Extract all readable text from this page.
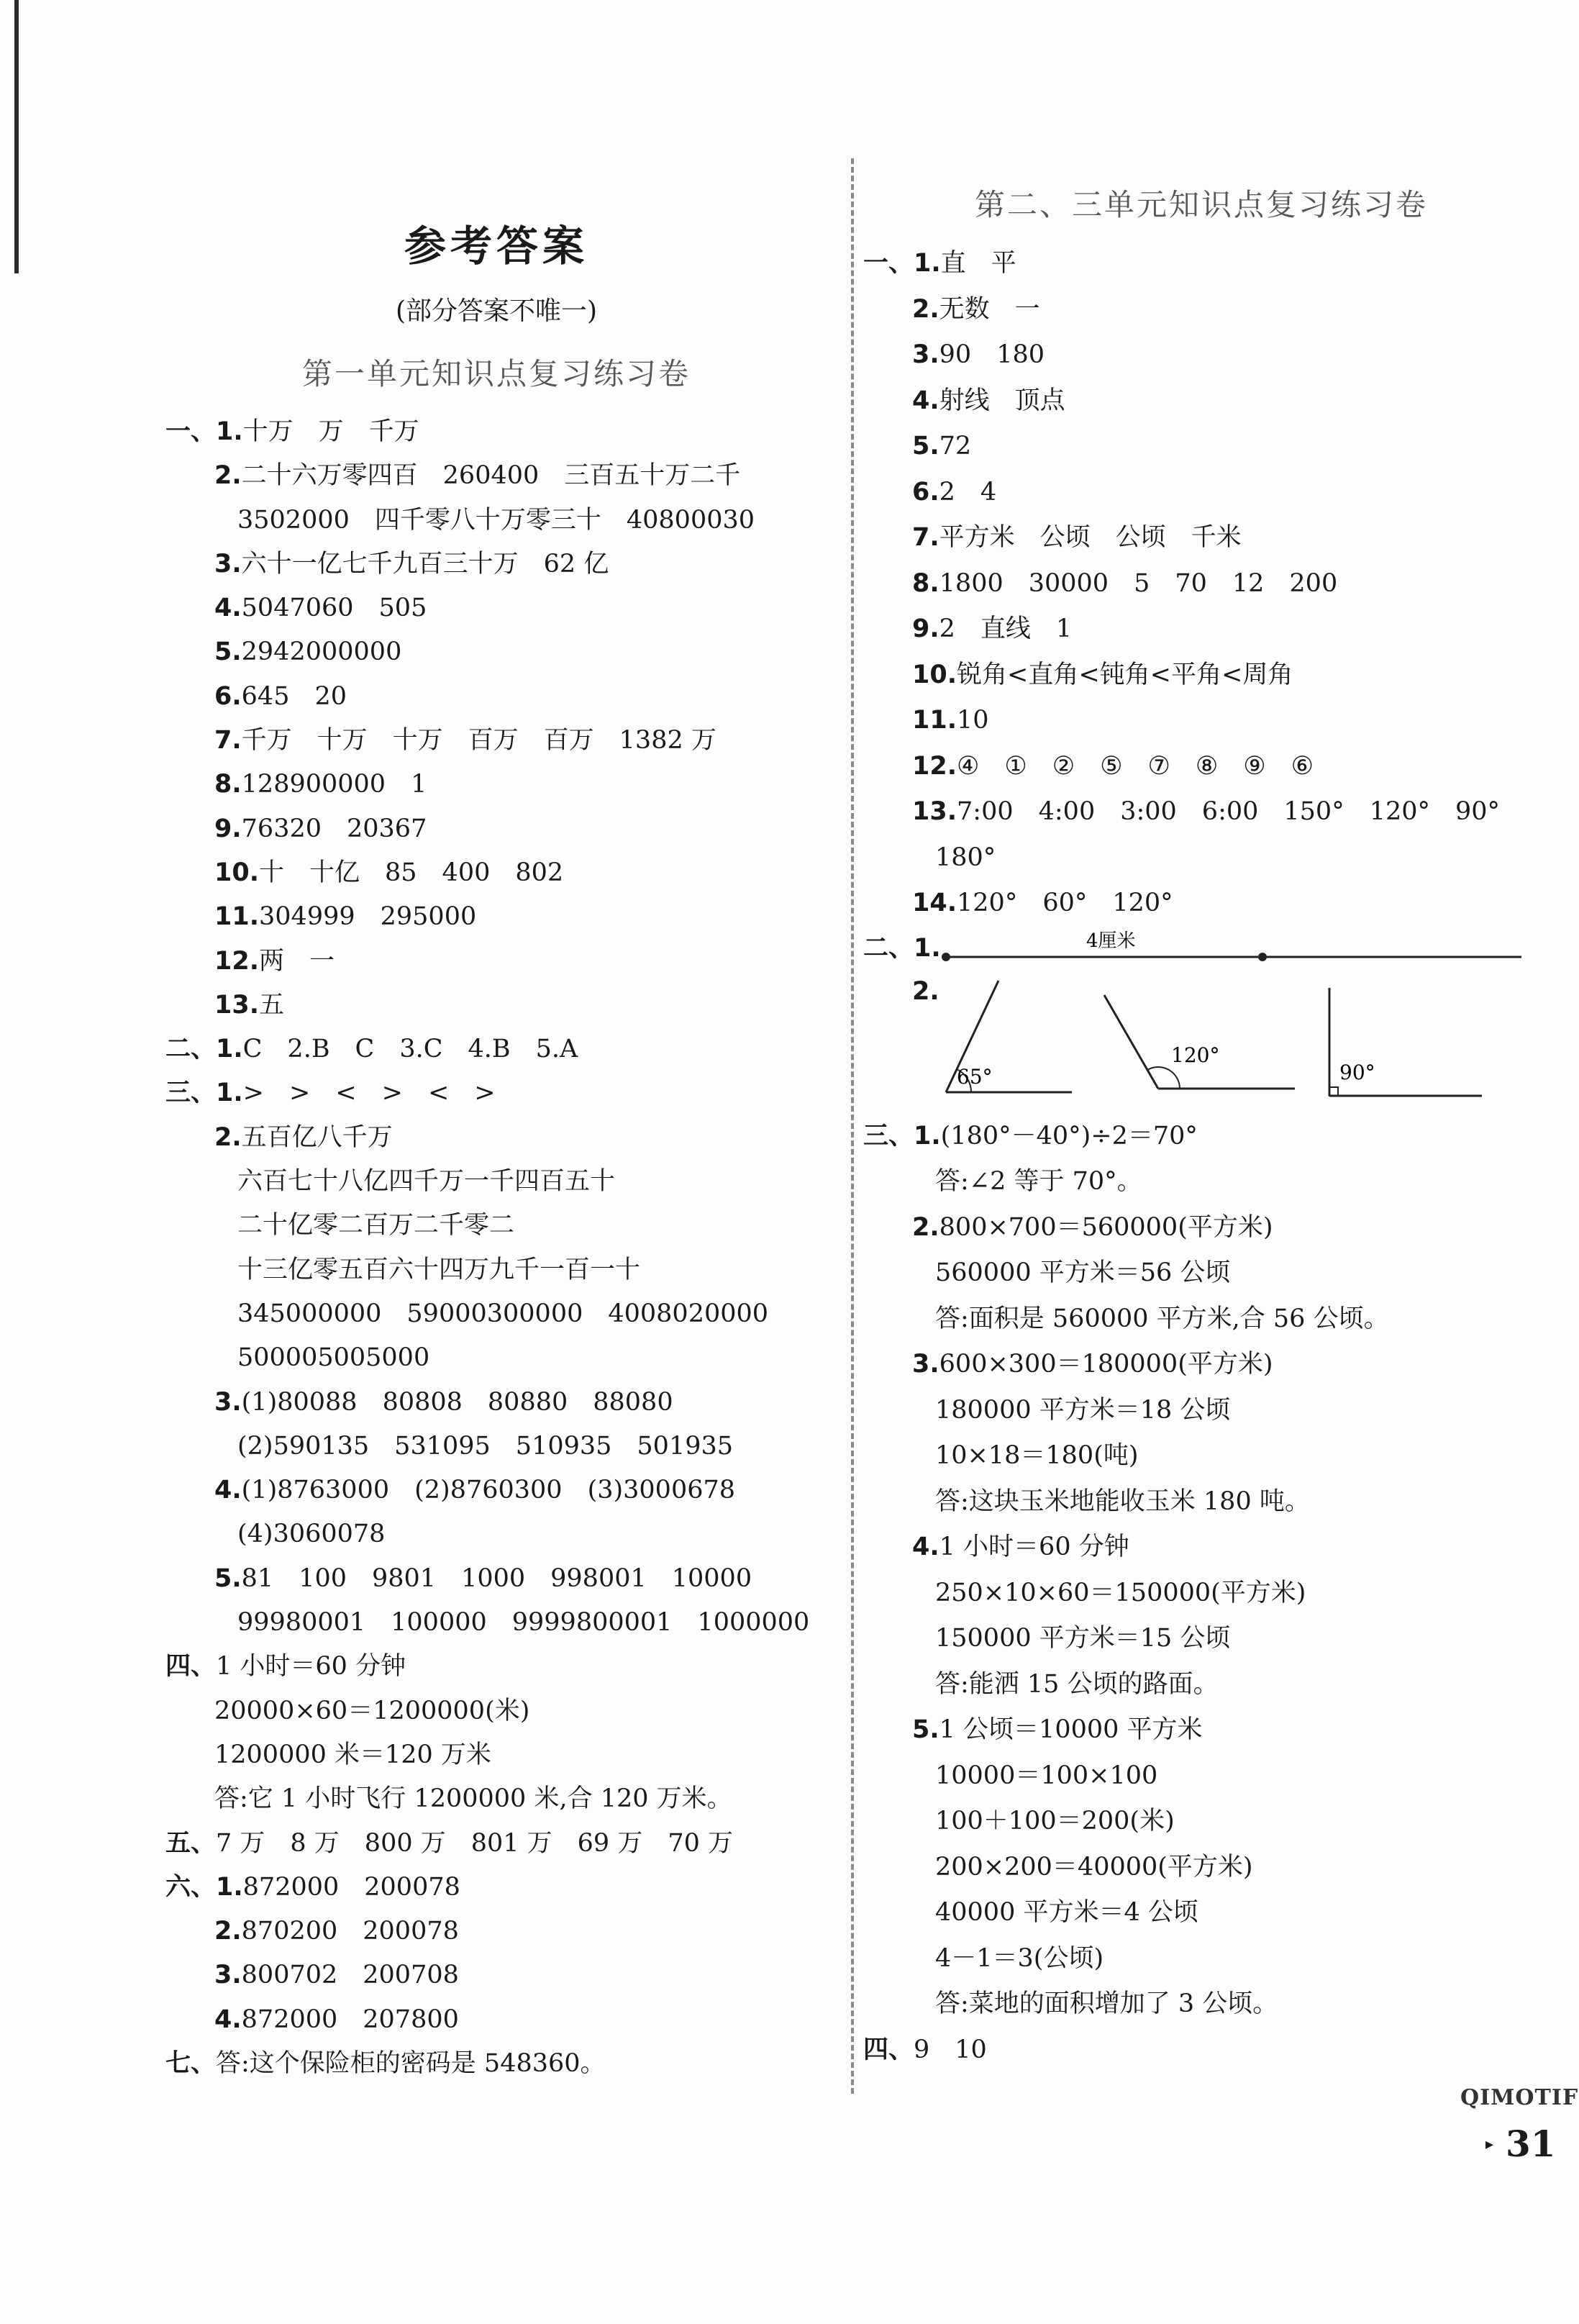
参考答案
(部分答案不唯一)
第一单元知识点复习练习卷
一、1.十万　万　千万
2.二十六万零四百　260400　三百五十万二千
3502000　四千零八十万零三十　40800030
3.六十一亿七千九百三十万　62 亿
4.5047060　505
5.2942000000
6.645　20
7.千万　十万　十万　百万　百万　1382 万
8.128900000　1
9.76320　20367
10.十　十亿　85　400　802
11.304999　295000
12.两　一
13.五
二、1.C　2.B　C　3.C　4.B　5.A
三、1.>　>　<　>　<　>
2.五百亿八千万
六百七十八亿四千万一千四百五十
二十亿零二百万二千零二
十三亿零五百六十四万九千一百一十
345000000　59000300000　4008020000
500005005000
3.(1)80088　80808　80880　88080
(2)590135　531095　510935　501935
4.(1)8763000　(2)8760300　(3)3000678
(4)3060078
5.81　100　9801　1000　998001　10000
99980001　100000　9999800001　1000000
四、1 小时＝60 分钟
20000×60＝1200000(米)
1200000 米＝120 万米
答:它 1 小时飞行 1200000 米,合 120 万米。
五、7 万　8 万　800 万　801 万　69 万　70 万
六、1.872000　200078
2.870200　200078
3.800702　200708
4.872000　207800
七、答:这个保险柜的密码是 548360。
第二、三单元知识点复习练习卷
一、1.直　平
2.无数　一
3.90　180
4.射线　顶点
5.72
6.2　4
7.平方米　公顷　公顷　千米
8.1800　30000　5　70　12　200
9.2　直线　1
10.锐角<直角<钝角<平角<周角
11.10
12.④　①　②　⑤　⑦　⑧　⑨　⑥
13.7:00　4:00　3:00　6:00　150°　120°　90°
180°
14.120°　60°　120°
二、1.	4厘米
2.
65°
120°
90°
三、1.(180°－40°)÷2＝70°
答:∠2 等于 70°。
2.800×700＝560000(平方米)
560000 平方米＝56 公顷
答:面积是 560000 平方米,合 56 公顷。
3.600×300＝180000(平方米)
180000 平方米＝18 公顷
10×18＝180(吨)
答:这块玉米地能收玉米 180 吨。
4.1 小时＝60 分钟
250×10×60＝150000(平方米)
150000 平方米＝15 公顷
答:能洒 15 公顷的路面。
5.1 公顷＝10000 平方米
10000＝100×100
100＋100＝200(米)
200×200＝40000(平方米)
40000 平方米＝4 公顷
4－1＝3(公顷)
答:菜地的面积增加了 3 公顷。
四、9　10
QIMOTIF
▸ 31
